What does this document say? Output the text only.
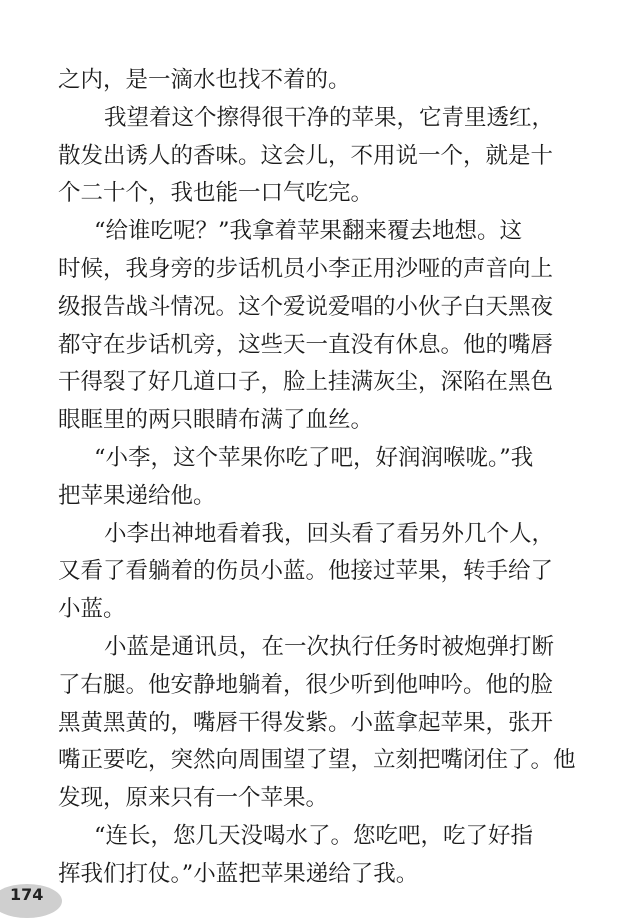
之内，是一滴水也找不着的。
我望着这个擦得很干净的苹果，它青里透红，
散发出诱人的香味。这会儿，不用说一个，就是十
个二十个，我也能一口气吃完。
“给谁吃呢？”我拿着苹果翻来覆去地想。这
时候，我身旁的步话机员小李正用沙哑的声音向上
级报告战斗情况。这个爱说爱唱的小伙子白天黑夜
都守在步话机旁，这些天一直没有休息。他的嘴唇
干得裂了好几道口子，脸上挂满灰尘，深陷在黑色
眼眶里的两只眼睛布满了血丝。
“小李，这个苹果你吃了吧，好润润喉咙。”我
把苹果递给他。
小李出神地看着我，回头看了看另外几个人，
又看了看躺着的伤员小蓝。他接过苹果，转手给了
小蓝。
小蓝是通讯员，在一次执行任务时被炮弹打断
了右腿。他安静地躺着，很少听到他呻吟。他的脸
黑黄黑黄的，嘴唇干得发紫。小蓝拿起苹果，张开
嘴正要吃，突然向周围望了望，立刻把嘴闭住了。他
发现，原来只有一个苹果。
“连长，您几天没喝水了。您吃吧，吃了好指
挥我们打仗。”小蓝把苹果递给了我。
174
